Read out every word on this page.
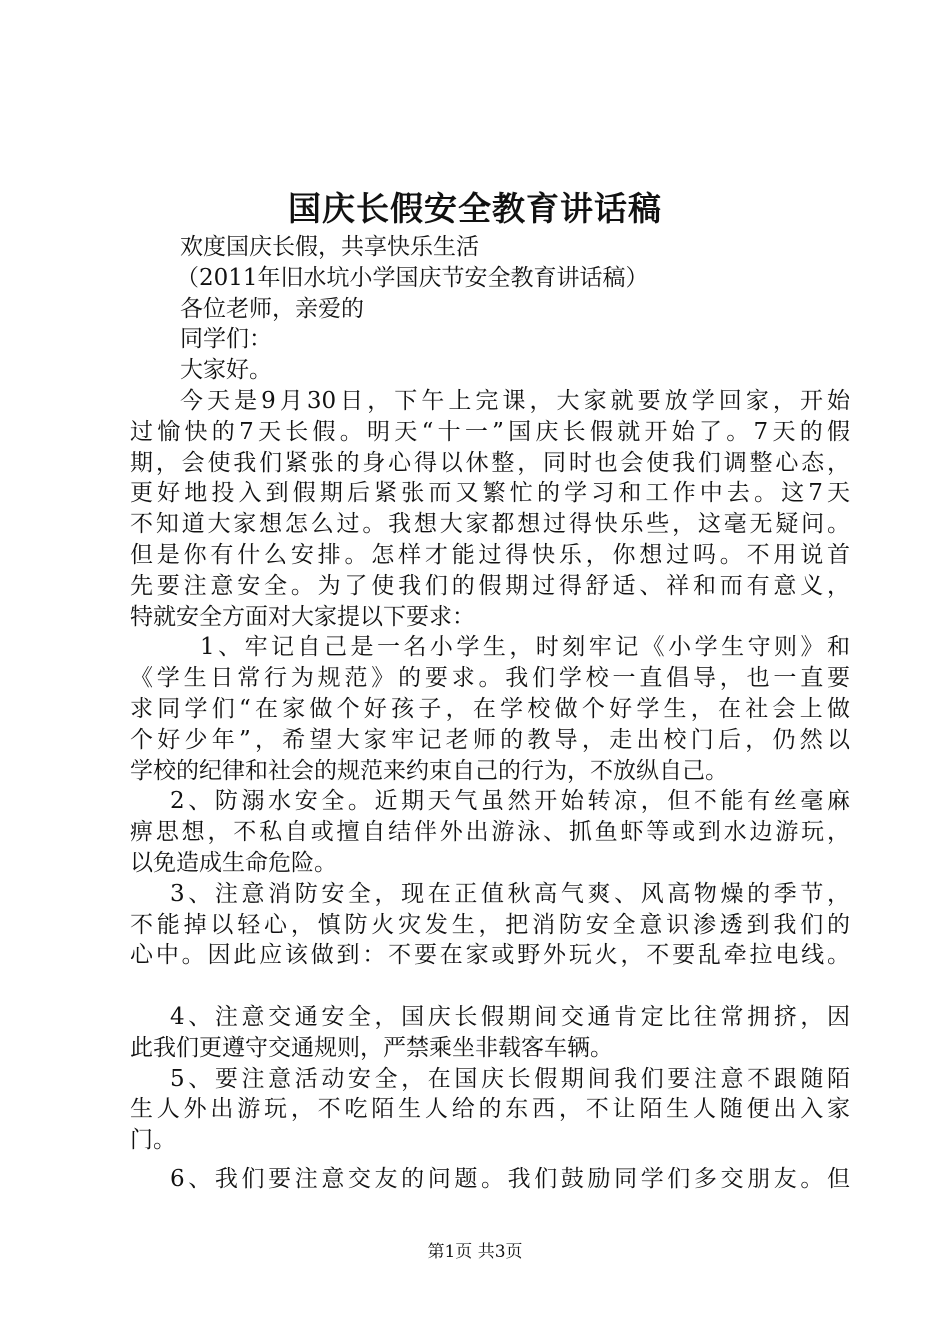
国庆长假安全教育讲话稿

欢度国庆长假，共享快乐生活

（2011年旧水坑小学国庆节安全教育讲话稿）

各位老师，亲爱的

同学们：

大家好。

今天是9月30日，下午上完课，大家就要放学回家，开始

过愉快的7天长假。明天“十一”国庆长假就开始了。7天的假

期，会使我们紧张的身心得以休整，同时也会使我们调整心态，

更好地投入到假期后紧张而又繁忙的学习和工作中去。这7天

不知道大家想怎么过。我想大家都想过得快乐些，这毫无疑问。

但是你有什么安排。怎样才能过得快乐，你想过吗。不用说首

先要注意安全。为了使我们的假期过得舒适、祥和而有意义，

特就安全方面对大家提以下要求：

1、牢记自己是一名小学生，时刻牢记《小学生守则》和

《学生日常行为规范》的要求。我们学校一直倡导，也一直要

求同学们“在家做个好孩子，在学校做个好学生，在社会上做

个好少年”，希望大家牢记老师的教导，走出校门后，仍然以

学校的纪律和社会的规范来约束自己的行为，不放纵自己。

2、防溺水安全。近期天气虽然开始转凉，但不能有丝毫麻

痹思想，不私自或擅自结伴外出游泳、抓鱼虾等或到水边游玩，

以免造成生命危险。

3、注意消防安全，现在正值秋高气爽、风高物燥的季节，

不能掉以轻心，慎防火灾发生，把消防安全意识渗透到我们的

心中。因此应该做到：不要在家或野外玩火，不要乱牵拉电线。

4、注意交通安全，国庆长假期间交通肯定比往常拥挤，因

此我们更遵守交通规则，严禁乘坐非载客车辆。

5、要注意活动安全，在国庆长假期间我们要注意不跟随陌

生人外出游玩，不吃陌生人给的东西，不让陌生人随便出入家

门。

6、我们要注意交友的问题。我们鼓励同学们多交朋友。但

第1页 共3页
